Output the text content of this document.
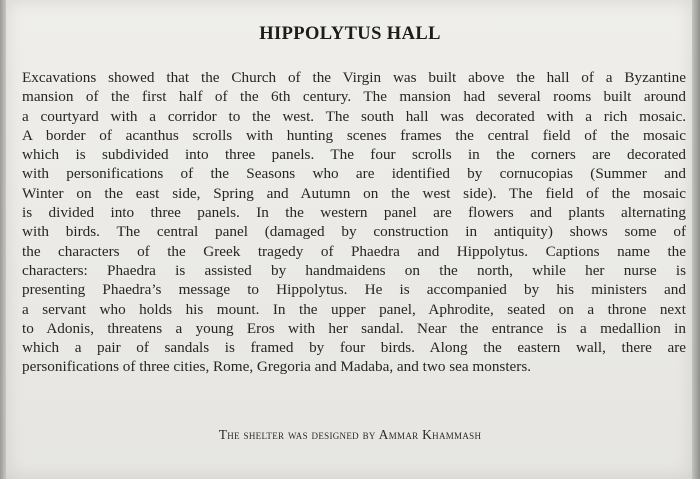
HIPPOLYTUS HALL
Excavations showed that the Church of the Virgin was built above the hall of a Byzantine
mansion of the first half of the 6th century. The mansion had several rooms built around
a courtyard with a corridor to the west. The south hall was decorated with a rich mosaic.
A border of acanthus scrolls with hunting scenes frames the central field of the mosaic
which is subdivided into three panels. The four scrolls in the corners are decorated
with personifications of the Seasons who are identified by cornucopias (Summer and
Winter on the east side, Spring and Autumn on the west side). The field of the mosaic
is divided into three panels. In the western panel are flowers and plants alternating
with birds. The central panel (damaged by construction in antiquity) shows some of
the characters of the Greek tragedy of Phaedra and Hippolytus. Captions name the
characters: Phaedra is assisted by handmaidens on the north, while her nurse is
presenting Phaedra’s message to Hippolytus. He is accompanied by his ministers and
a servant who holds his mount. In the upper panel, Aphrodite, seated on a throne next
to Adonis, threatens a young Eros with her sandal. Near the entrance is a medallion in
which a pair of sandals is framed by four birds. Along the eastern wall, there are
personifications of three cities, Rome, Gregoria and Madaba, and two sea monsters.
The shelter was designed by Ammar Khammash
